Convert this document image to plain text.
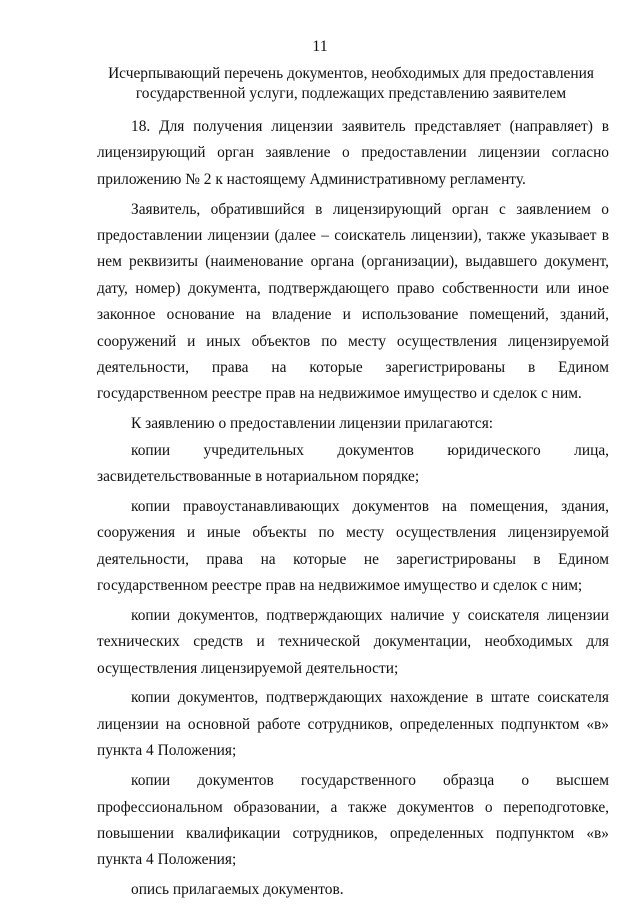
11
Исчерпывающий перечень документов, необходимых для предоставления государственной услуги, подлежащих представлению заявителем

18. Для получения лицензии заявитель представляет (направляет) в лицензирующий орган заявление о предоставлении лицензии согласно приложению № 2 к настоящему Административному регламенту.

Заявитель, обратившийся в лицензирующий орган с заявлением о предоставлении лицензии (далее – соискатель лицензии), также указывает в нем реквизиты (наименование органа (организации), выдавшего документ, дату, номер) документа, подтверждающего право собственности или иное законное основание на владение и использование помещений, зданий, сооружений и иных объектов по месту осуществления лицензируемой деятельности, права на которые зарегистрированы в Едином государственном реестре прав на недвижимое имущество и сделок с ним.

К заявлению о предоставлении лицензии прилагаются:

копии учредительных документов юридического лица, засвидетельствованные в нотариальном порядке;

копии правоустанавливающих документов на помещения, здания, сооружения и иные объекты по месту осуществления лицензируемой деятельности, права на которые не зарегистрированы в Едином государственном реестре прав на недвижимое имущество и сделок с ним;

копии документов, подтверждающих наличие у соискателя лицензии технических средств и технической документации, необходимых для осуществления лицензируемой деятельности;

копии документов, подтверждающих нахождение в штате соискателя лицензии на основной работе сотрудников, определенных подпунктом «в» пункта 4 Положения;

копии документов государственного образца о высшем профессиональном образовании, а также документов о переподготовке, повышении квалификации сотрудников, определенных подпунктом «в» пункта 4 Положения;

опись прилагаемых документов.
